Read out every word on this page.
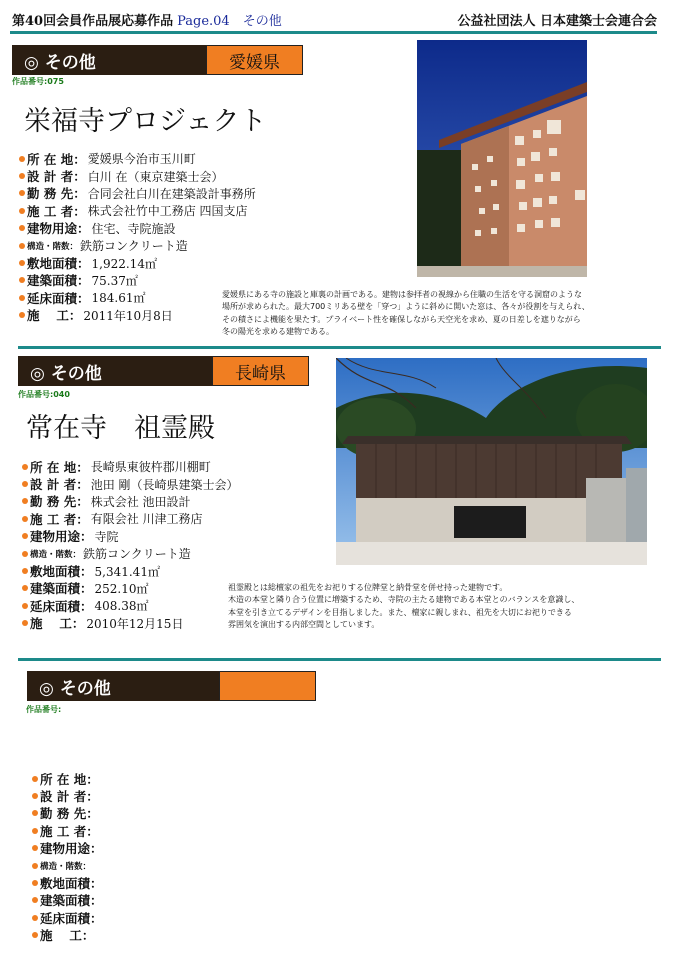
第40回会員作品展応募作品 Page.04　その他	公益社団法人 日本建築士会連合会
◎ その他	愛媛県
作品番号:075
栄福寺プロジェクト
所 在 地： 愛媛県今治市玉川町
設 計 者： 白川 在（東京建築士会）
勤 務 先： 合同会社白川在建築設計事務所
施 工 者： 株式会社竹中工務店 四国支店
建物用途： 住宅、寺院施設
構造・階数： 鉄筋コンクリート造
敷地面積： 1,922.14㎡
建築面積： 75.37㎡
延床面積： 184.61㎡
施　 工： 2011年10月8日
愛媛県にある寺の施設と庫裏の計画である。建物は参拝者の視線から住職の生活を守る洞窟のような
場所が求められた。最大700ミリある壁を「穿つ」ように斜めに開いた窓は、各々が役割を与えられ、
その積さによ機能を果たす。プライベート性を確保しながら天空光を求め、夏の日差しを遮りながら
冬の陽光を求める建物である。
◎ その他	長崎県
作品番号:040
常在寺　祖霊殿
所 在 地： 長崎県東彼杵郡川棚町
設 計 者： 池田 剛（長崎県建築士会）
勤 務 先： 株式会社 池田設計
施 工 者： 有限会社 川津工務店
建物用途： 寺院
構造・階数： 鉄筋コンクリート造
敷地面積： 5,341.41㎡
建築面積： 252.10㎡
延床面積： 408.38㎡
施　 工： 2010年12月15日
祖霊殿とは総檀家の祖先をお祀りする位牌堂と納骨堂を併せ持った建物です。
木造の本堂と隣り合う位置に増築するため、寺院の主たる建物である本堂とのバランスを意識し、
本堂を引き立てるデザインを目指しました。また、檀家に親しまれ、祖先を大切にお祀りできる
雰囲気を演出する内部空間としています。
◎ その他
作品番号:
所 在 地：
設 計 者：
勤 務 先：
施 工 者：
建物用途：
構造・階数：
敷地面積：
建築面積：
延床面積：
施　 工：
